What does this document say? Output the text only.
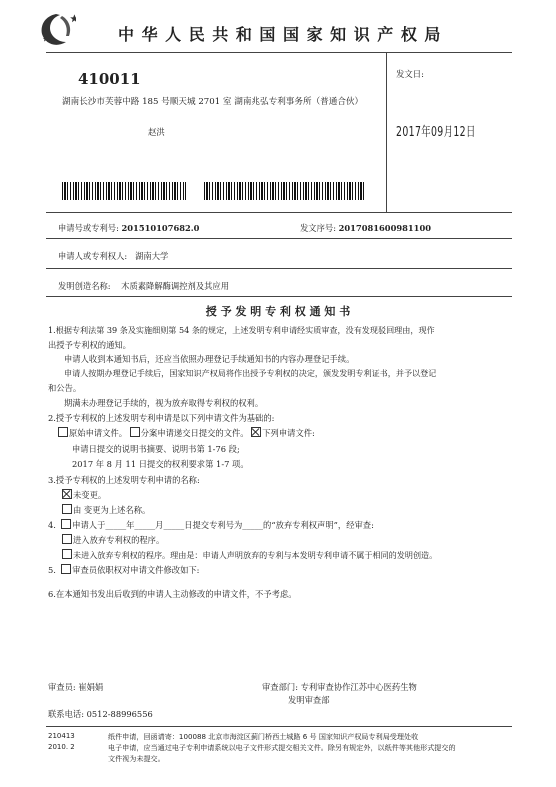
中 华 人 民 共 和 国 国 家 知 识 产 权 局
410011
湖南长沙市芙蓉中路 185 号顺天城 2701 室 湖南兆弘专利事务所（普通合伙）
赵洪
发文日:
2017年09月12日
申请号或专利号: 201510107682.0	发文序号: 2017081600981100
申请人或专利权人: 湖南大学
发明创造名称: 木质素降解酶调控剂及其应用
授 予 发 明 专 利 权 通 知 书
1.根据专利法第 39 条及实施细则第 54 条的规定，上述发明专利申请经实质审查，没有发现驳回理由，现作
出授予专利权的通知。
申请人收到本通知书后，还应当依照办理登记手续通知书的内容办理登记手续。
申请人按期办理登记手续后，国家知识产权局将作出授予专利权的决定，颁发发明专利证书，并予以登记
和公告。
期满未办理登记手续的，视为放弃取得专利权的权利。
2.授予专利权的上述发明专利申请是以下列申请文件为基础的:
原始申请文件。 分案申请递交日提交的文件。 下列申请文件:
申请日提交的说明书摘要、说明书第 1-76 段;
2017 年 8 月 11 日提交的权利要求第 1-7 项。
3.授予专利权的上述发明专利申请的名称:
未变更。
由 变更为上述名称。
4. 申请人于_____年_____月_____日提交专利号为_____的“放弃专利权声明”，经审查:
进入放弃专利权的程序。
未进入放弃专利权的程序。理由是：申请人声明放弃的专利与本发明专利申请不属于相同的发明创造。
5. 审查员依职权对申请文件修改如下:
6.在本通知书发出后收到的申请人主动修改的申请文件，不予考虑。
审查员: 崔娟娟	审查部门: 专利审查协作江苏中心医药生物
发明审查部
联系电话: 0512-88996556
210413
2010. 2
纸件申请，回函请寄：100088 北京市海淀区蓟门桥西土城路 6 号 国家知识产权局专利局受理处收
电子申请，应当通过电子专利申请系统以电子文件形式提交相关文件。除另有规定外，以纸件等其他形式提交的
文件视为未提交。
